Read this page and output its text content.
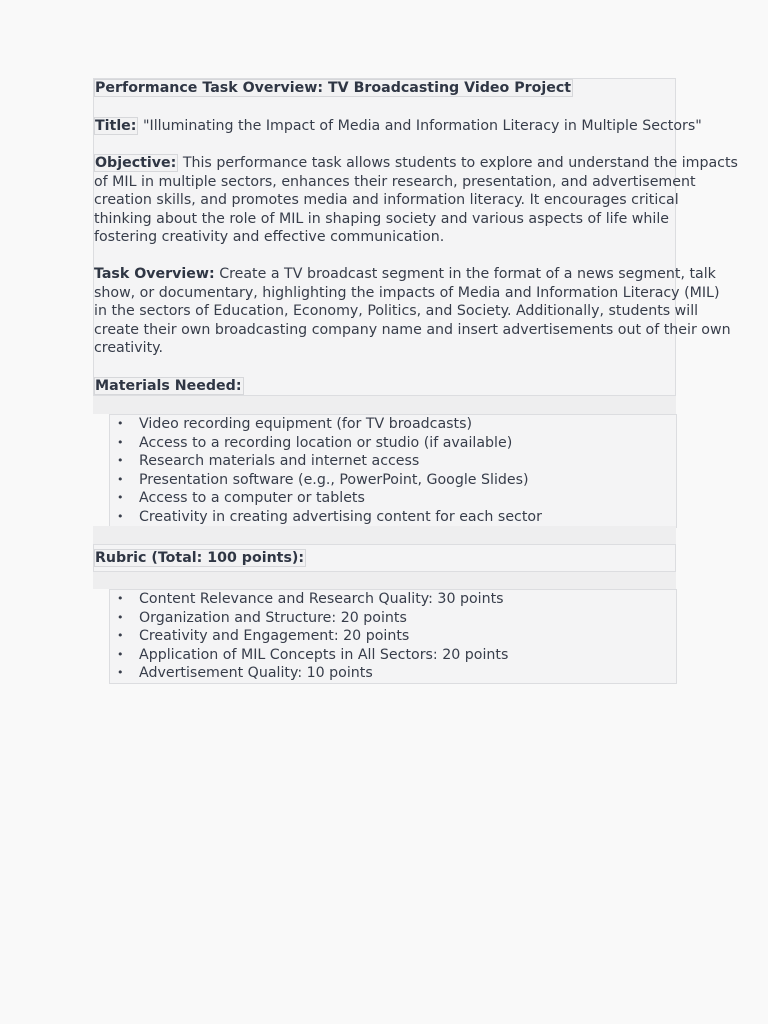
Performance Task Overview: TV Broadcasting Video Project
Title: "Illuminating the Impact of Media and Information Literacy in Multiple Sectors"
Objective: This performance task allows students to explore and understand the impacts
of MIL in multiple sectors, enhances their research, presentation, and advertisement
creation skills, and promotes media and information literacy. It encourages critical
thinking about the role of MIL in shaping society and various aspects of life while
fostering creativity and effective communication.
Task Overview: Create a TV broadcast segment in the format of a news segment, talk
show, or documentary, highlighting the impacts of Media and Information Literacy (MIL)
in the sectors of Education, Economy, Politics, and Society. Additionally, students will
create their own broadcasting company name and insert advertisements out of their own
creativity.
Materials Needed:
• Video recording equipment (for TV broadcasts)
• Access to a recording location or studio (if available)
• Research materials and internet access
• Presentation software (e.g., PowerPoint, Google Slides)
• Access to a computer or tablets
• Creativity in creating advertising content for each sector
Rubric (Total: 100 points):
• Content Relevance and Research Quality: 30 points
• Organization and Structure: 20 points
• Creativity and Engagement: 20 points
• Application of MIL Concepts in All Sectors: 20 points
• Advertisement Quality: 10 points
